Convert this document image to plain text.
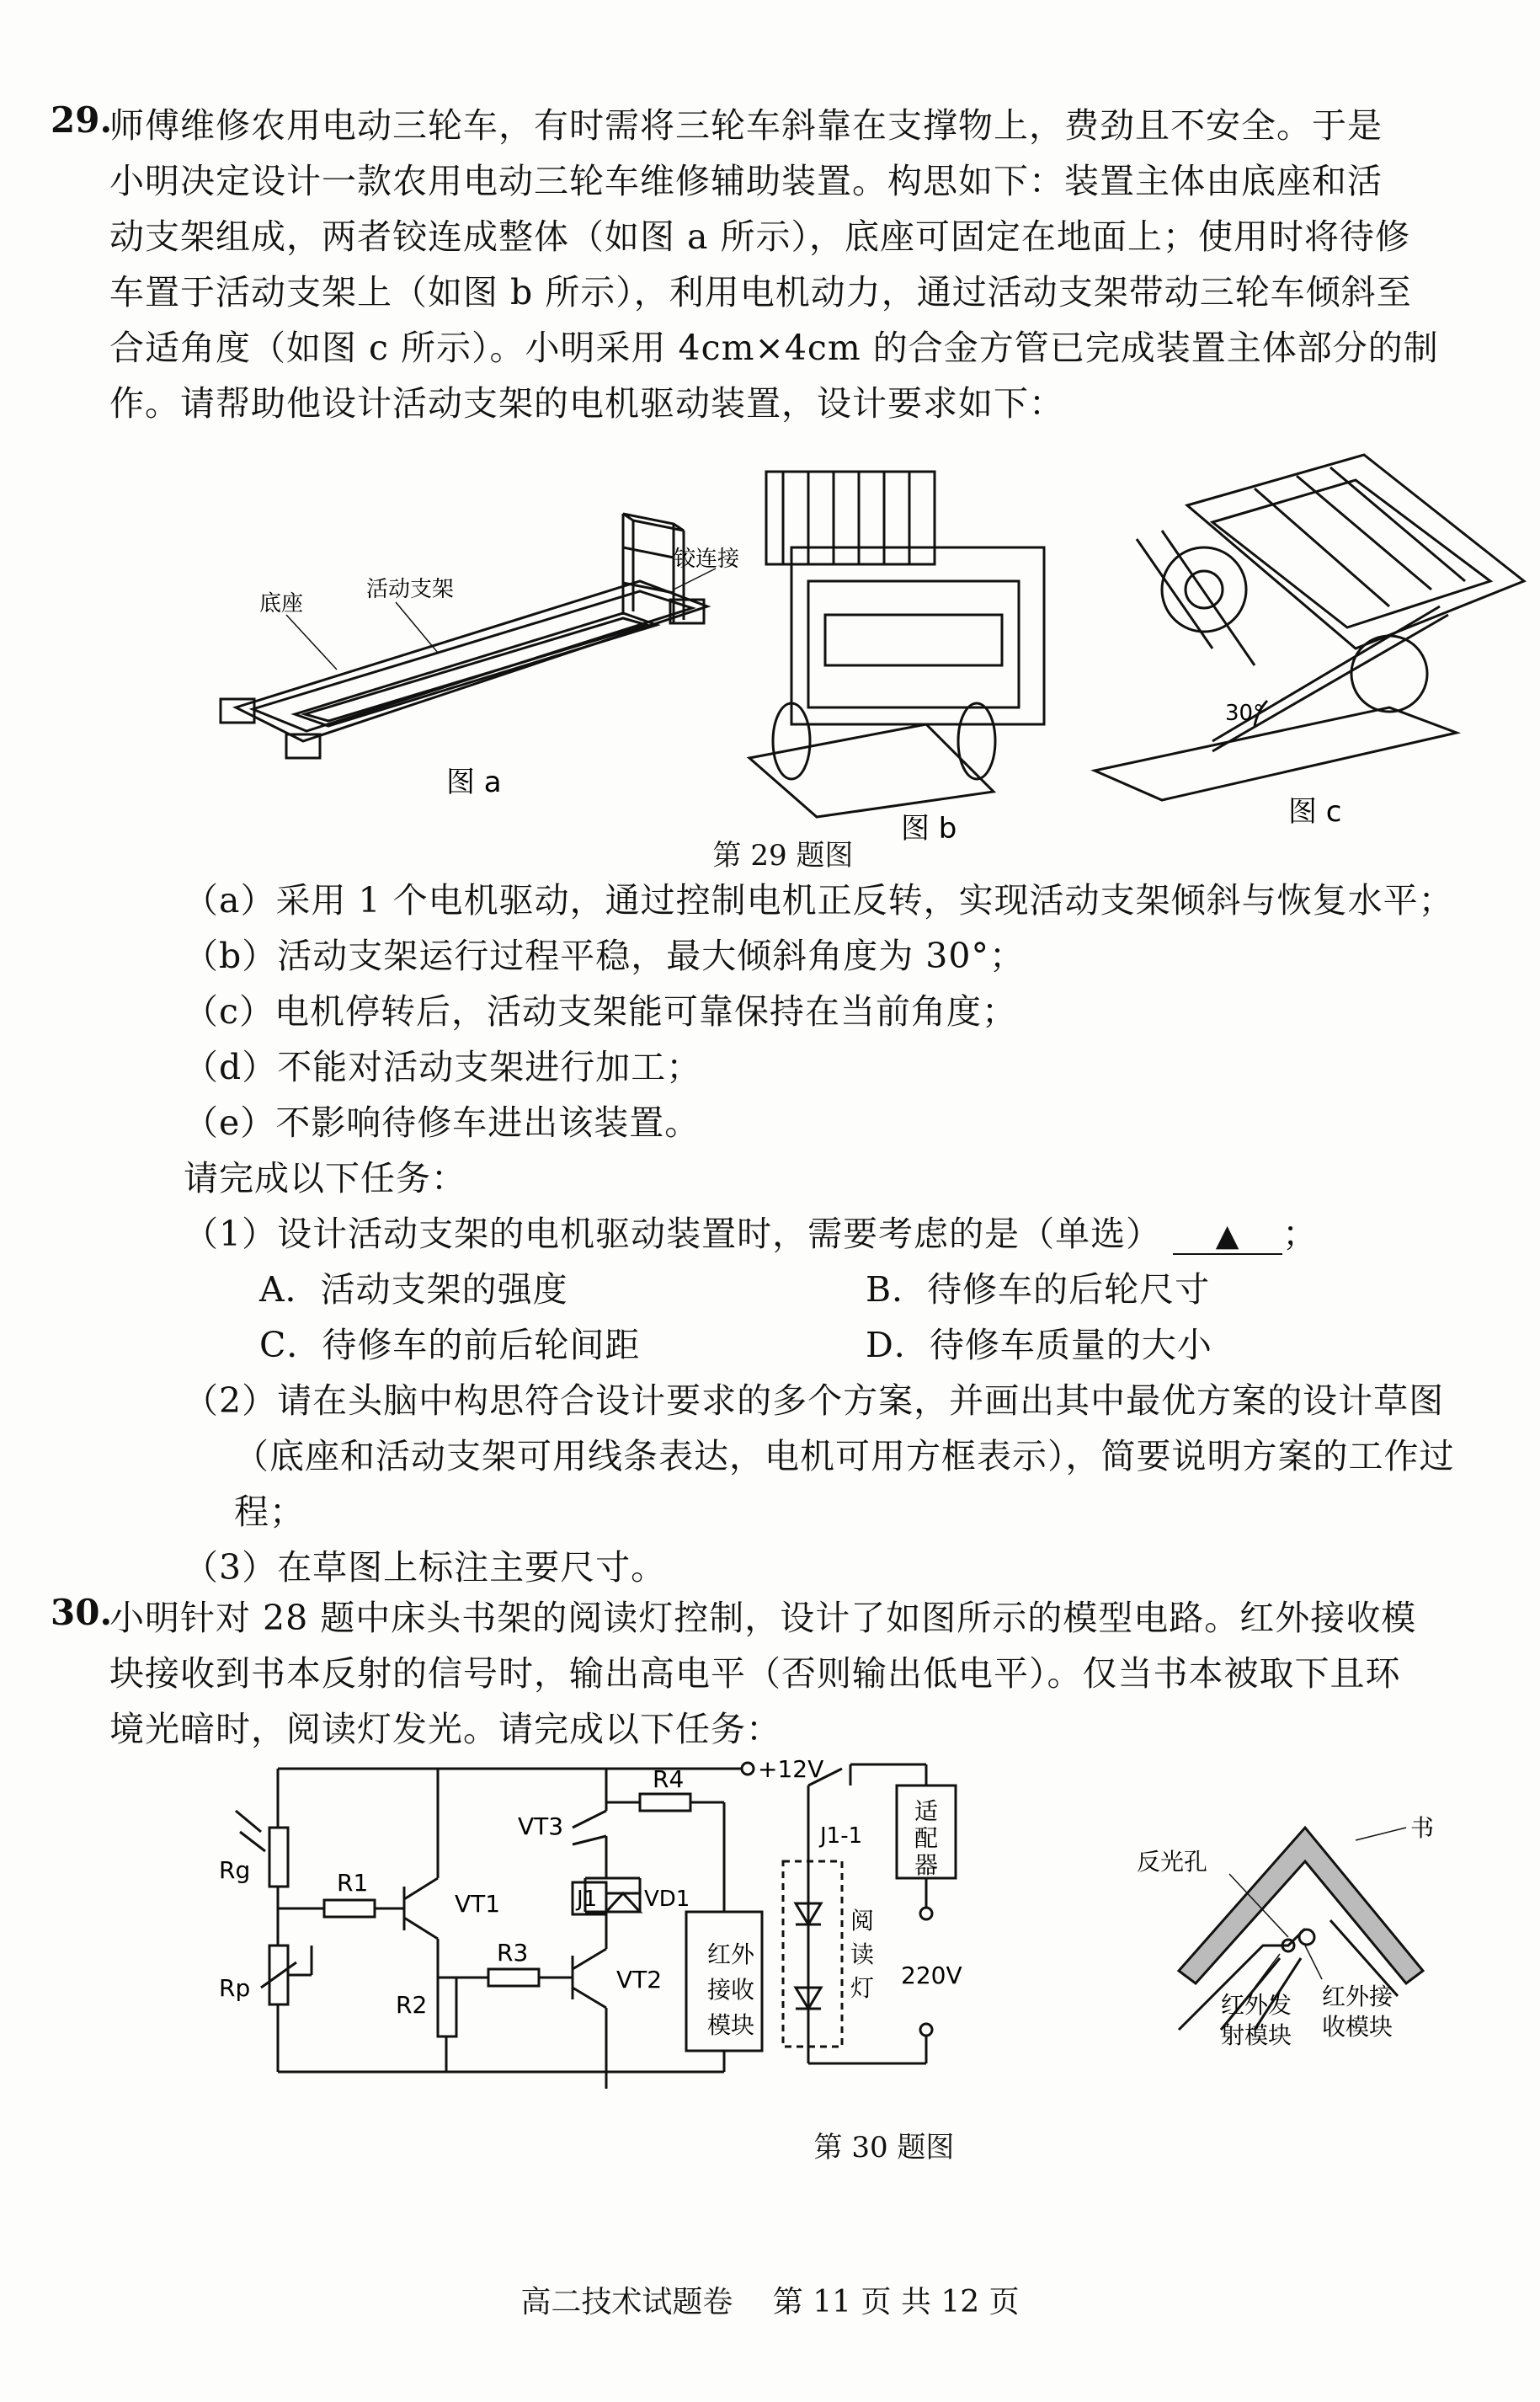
29.
师傅维修农用电动三轮车，有时需将三轮车斜靠在支撑物上，费劲且不安全。于是
小明决定设计一款农用电动三轮车维修辅助装置。构思如下：装置主体由底座和活
动支架组成，两者铰连成整体（如图 a 所示），底座可固定在地面上；使用时将待修
车置于活动支架上（如图 b 所示），利用电机动力，通过活动支架带动三轮车倾斜至
合适角度（如图 c 所示）。小明采用 4cm×4cm 的合金方管已完成装置主体部分的制
作。请帮助他设计活动支架的电机驱动装置，设计要求如下：
底座
活动支架
铰连接
图 a
图 b
30°
图 c
第 29 题图
（a）采用 1 个电机驱动，通过控制电机正反转，实现活动支架倾斜与恢复水平；
（b）活动支架运行过程平稳，最大倾斜角度为 30°；
（c）电机停转后，活动支架能可靠保持在当前角度；
（d）不能对活动支架进行加工；
（e）不影响待修车进出该装置。
请完成以下任务：
（1）设计活动支架的电机驱动装置时，需要考虑的是（单选） ▲ ；
A．活动支架的强度	B．待修车的后轮尺寸
C．待修车的前后轮间距	D．待修车质量的大小
（2）请在头脑中构思符合设计要求的多个方案，并画出其中最优方案的设计草图
（底座和活动支架可用线条表达，电机可用方框表示），简要说明方案的工作过
程；
（3）在草图上标注主要尺寸。
30.
小明针对 28 题中床头书架的阅读灯控制，设计了如图所示的模型电路。红外接收模
块接收到书本反射的信号时，输出高电平（否则输出低电平）。仅当书本被取下且环
境光暗时，阅读灯发光。请完成以下任务：
+12V
Rg
Rp
R1
R2
R3
R4
VT1
VT2
VT3
J1 VD1
红外
接收
模块
J1-1
适
配
器
阅
读
灯 220V
书
反光孔
红外接
收模块
红外发
射模块
第 30 题图
高二技术试题卷　 第 11 页 共 12 页
